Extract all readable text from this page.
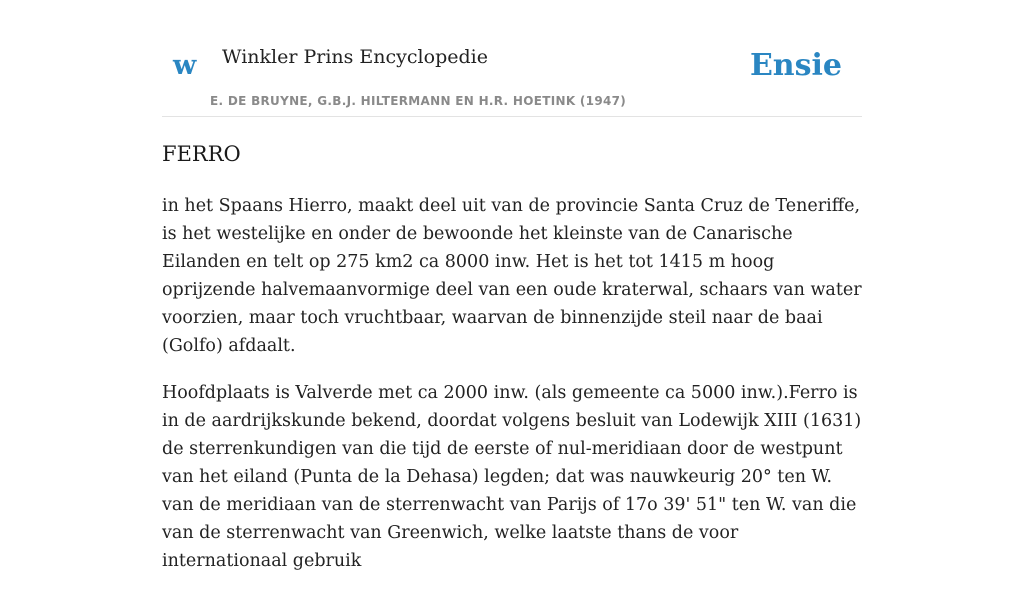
w Winkler Prins Encyclopedie
E. DE BRUYNE, G.B.J. HILTERMANN EN H.R. HOETINK (1947)
Ensie
FERRO

in het Spaans Hierro, maakt deel uit van de provincie Santa Cruz de Teneriffe, is het westelijke en onder de bewoonde het kleinste van de Canarische Eilanden en telt op 275 km2 ca 8000 inw. Het is het tot 1415 m hoog oprijzende halvemaanvormige deel van een oude kraterwal, schaars van water voorzien, maar toch vruchtbaar, waarvan de binnenzijde steil naar de baai (Golfo) afdaalt.

Hoofdplaats is Valverde met ca 2000 inw. (als gemeente ca 5000 inw.).Ferro is in de aardrijkskunde bekend, doordat volgens besluit van Lodewijk XIII (1631) de sterrenkundigen van die tijd de eerste of nul-meridiaan door de westpunt van het eiland (Punta de la Dehasa) legden; dat was nauwkeurig 20° ten W. van de meridiaan van de sterrenwacht van Parijs of 17o 39' 51" ten W. van die van de sterrenwacht van Greenwich, welke laatste thans de voor internationaal gebruik
